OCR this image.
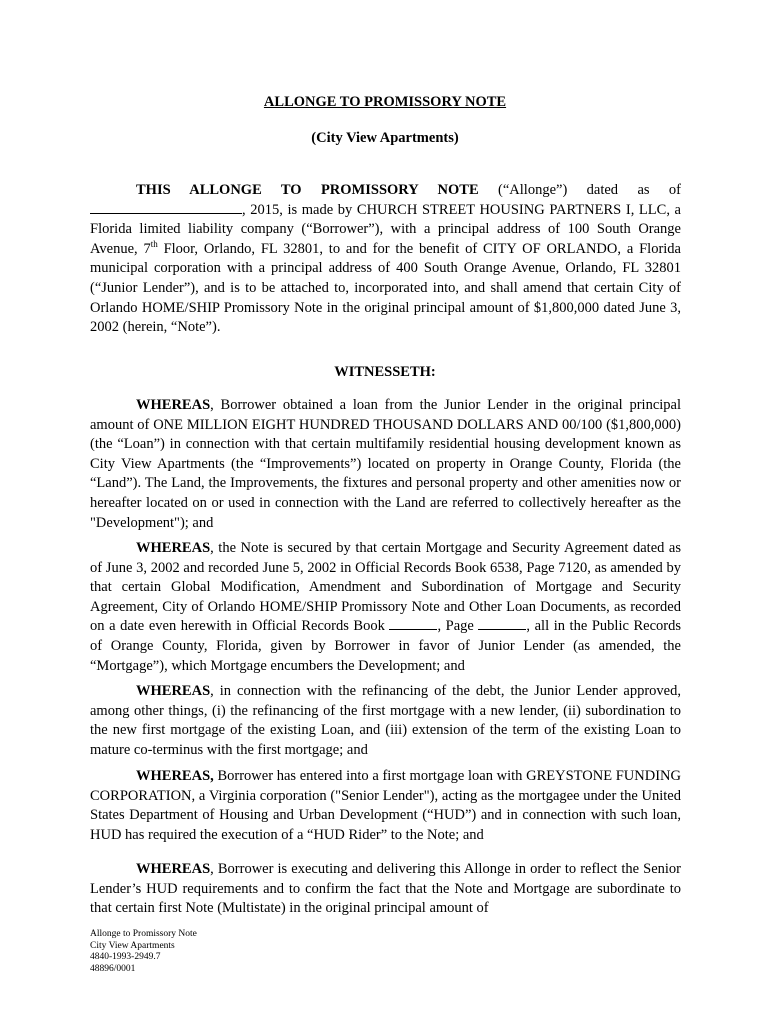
ALLONGE TO PROMISSORY NOTE
(City View Apartments)

THIS ALLONGE TO PROMISSORY NOTE (“Allonge”) dated as of , 2015, is made by CHURCH STREET HOUSING PARTNERS I, LLC, a Florida limited liability company (“Borrower”), with a principal address of 100 South Orange Avenue, 7th Floor, Orlando, FL 32801, to and for the benefit of CITY OF ORLANDO, a Florida municipal corporation with a principal address of 400 South Orange Avenue, Orlando, FL 32801 (“Junior Lender”), and is to be attached to, incorporated into, and shall amend that certain City of Orlando HOME/SHIP Promissory Note in the original principal amount of $1,800,000 dated June 3, 2002 (herein, “Note”).

WITNESSETH:

WHEREAS, Borrower obtained a loan from the Junior Lender in the original principal amount of ONE MILLION EIGHT HUNDRED THOUSAND DOLLARS AND 00/100 ($1,800,000) (the “Loan”) in connection with that certain multifamily residential housing development known as City View Apartments (the “Improvements”) located on property in Orange County, Florida (the “Land”). The Land, the Improvements, the fixtures and personal property and other amenities now or hereafter located on or used in connection with the Land are referred to collectively hereafter as the "Development"); and

WHEREAS, the Note is secured by that certain Mortgage and Security Agreement dated as of June 3, 2002 and recorded June 5, 2002 in Official Records Book 6538, Page 7120, as amended by that certain Global Modification, Amendment and Subordination of Mortgage and Security Agreement, City of Orlando HOME/SHIP Promissory Note and Other Loan Documents, as recorded on a date even herewith in Official Records Book	, Page	, all in the Public Records of Orange County, Florida, given by Borrower in favor of Junior Lender (as amended, the “Mortgage”), which Mortgage encumbers the Development; and

WHEREAS, in connection with the refinancing of the debt, the Junior Lender approved, among other things, (i) the refinancing of the first mortgage with a new lender, (ii) subordination to the new first mortgage of the existing Loan, and (iii) extension of the term of the existing Loan to mature co-terminus with the first mortgage; and

WHEREAS, Borrower has entered into a first mortgage loan with GREYSTONE FUNDING CORPORATION, a Virginia corporation ("Senior Lender"), acting as the mortgagee under the United States Department of Housing and Urban Development (“HUD”) and in connection with such loan, HUD has required the execution of a “HUD Rider” to the Note; and

WHEREAS, Borrower is executing and delivering this Allonge in order to reflect the Senior Lender’s HUD requirements and to confirm the fact that the Note and Mortgage are subordinate to that certain first Note (Multistate) in the original principal amount of

Allonge to Promissory Note
City View Apartments
4840-1993-2949.7
48896/0001
